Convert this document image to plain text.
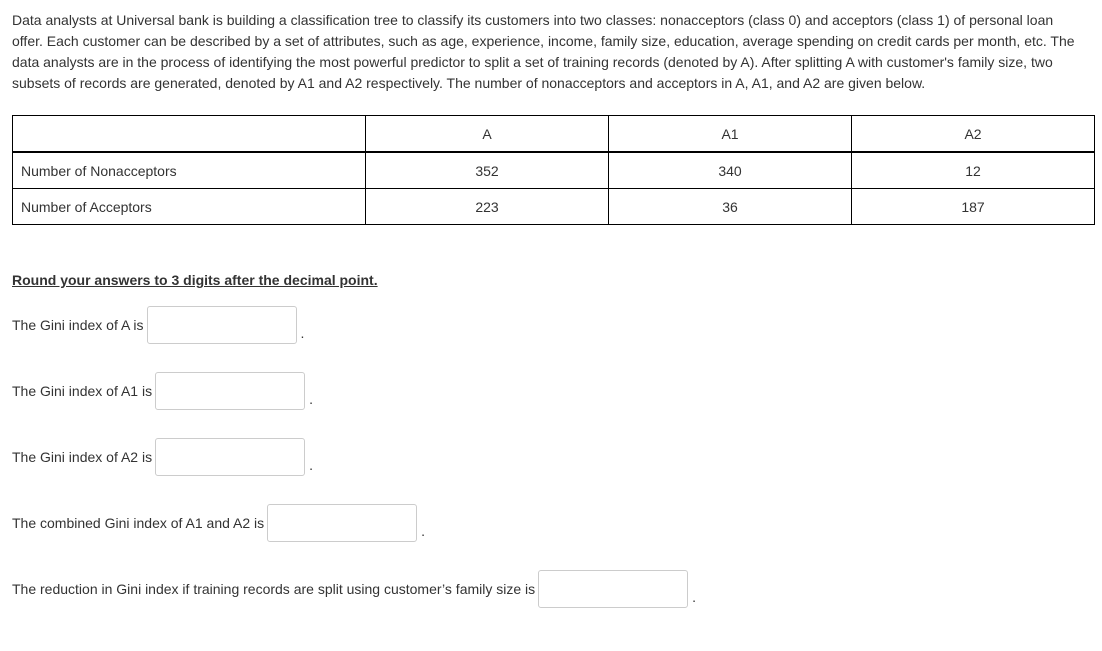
Data analysts at Universal bank is building a classification tree to classify its customers into two classes: nonacceptors (class 0) and acceptors (class 1) of personal loan offer. Each customer can be described by a set of attributes, such as age, experience, income, family size, education, average spending on credit cards per month, etc. The data analysts are in the process of identifying the most powerful predictor to split a set of training records (denoted by A). After splitting A with customer's family size, two subsets of records are generated, denoted by A1 and A2 respectively. The number of nonacceptors and acceptors in A, A1, and A2 are given below.

	A	A1	A2
Number of Nonacceptors	352	340	12
Number of Acceptors	223	36	187

Round your answers to 3 digits after the decimal point.

The Gini index of A is	.
The Gini index of A1 is	.
The Gini index of A2 is	.
The combined Gini index of A1 and A2 is	.
The reduction in Gini index if training records are split using customer’s family size is	.
